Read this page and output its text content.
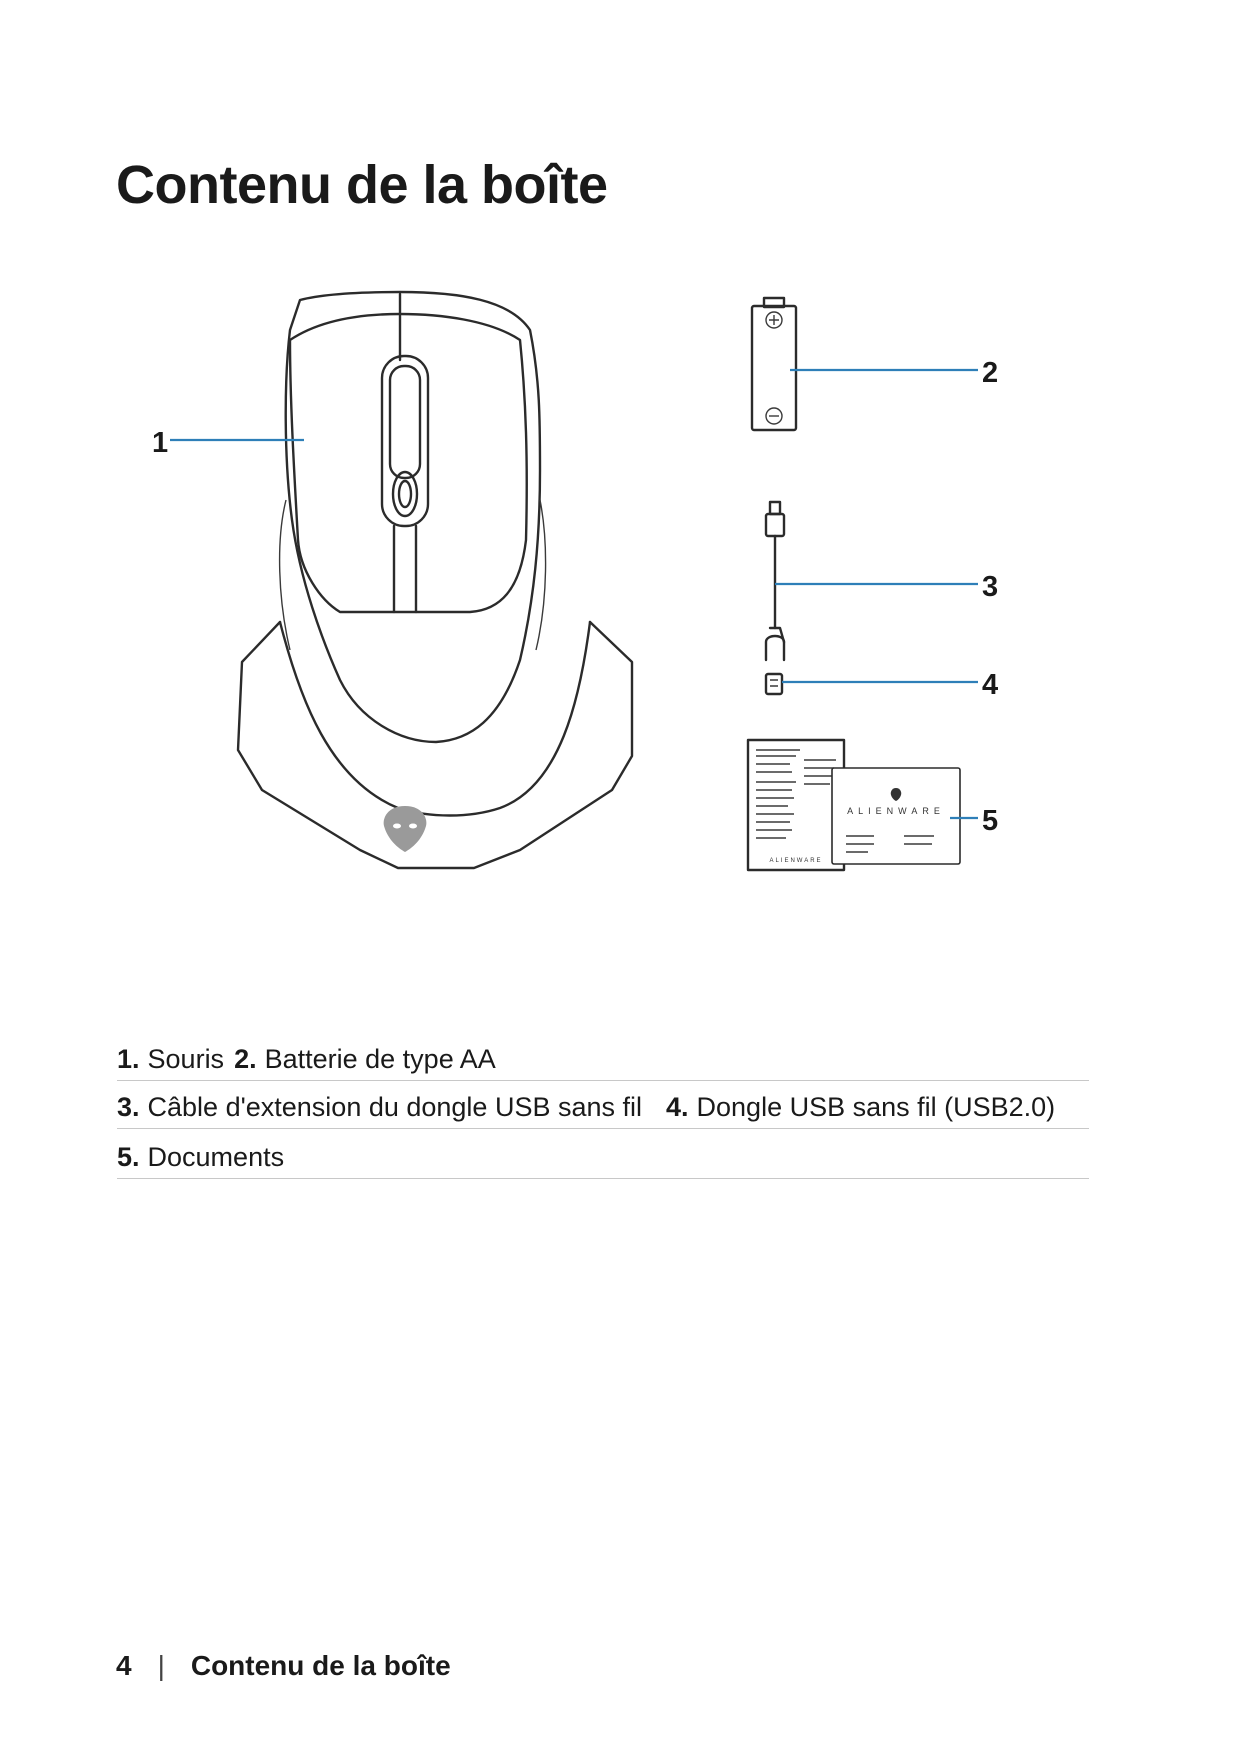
Contenu de la boîte
1
2
3
4
ALIENWARE
ALIENWARE 5
1. Souris 2. Batterie de type AA
3. Câble d'extension du dongle USB sans fil 4. Dongle USB sans fil (USB2.0)
5. Documents
4 | Contenu de la boîte
